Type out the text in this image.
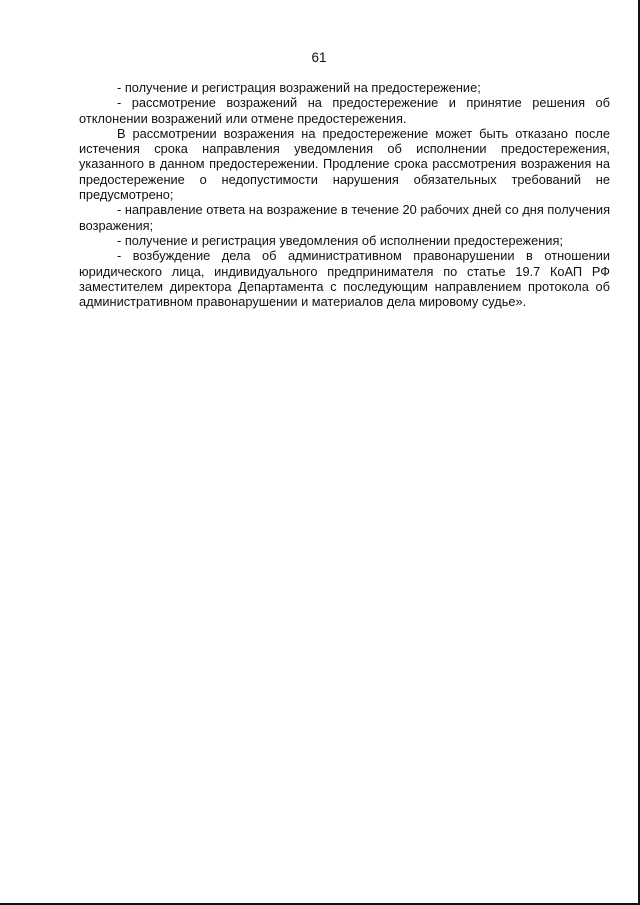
61

- получение и регистрация возражений на предостережение;

- рассмотрение возражений на предостережение и принятие решения об отклонении возражений или отмене предостережения.

В рассмотрении возражения на предостережение может быть отказано после истечения срока направления уведомления об исполнении предостережения, указанного в данном предостережении. Продление срока рассмотрения возражения на предостережение о недопустимости нарушения обязательных требований не предусмотрено;

- направление ответа на возражение в течение 20 рабочих дней со дня получения возражения;

- получение и регистрация уведомления об исполнении предостережения;

- возбуждение дела об административном правонарушении в отношении юридического лица, индивидуального предпринимателя по статье 19.7 КоАП РФ заместителем директора Департамента с последующим направлением протокола об административном правонарушении и материалов дела мировому судье».
